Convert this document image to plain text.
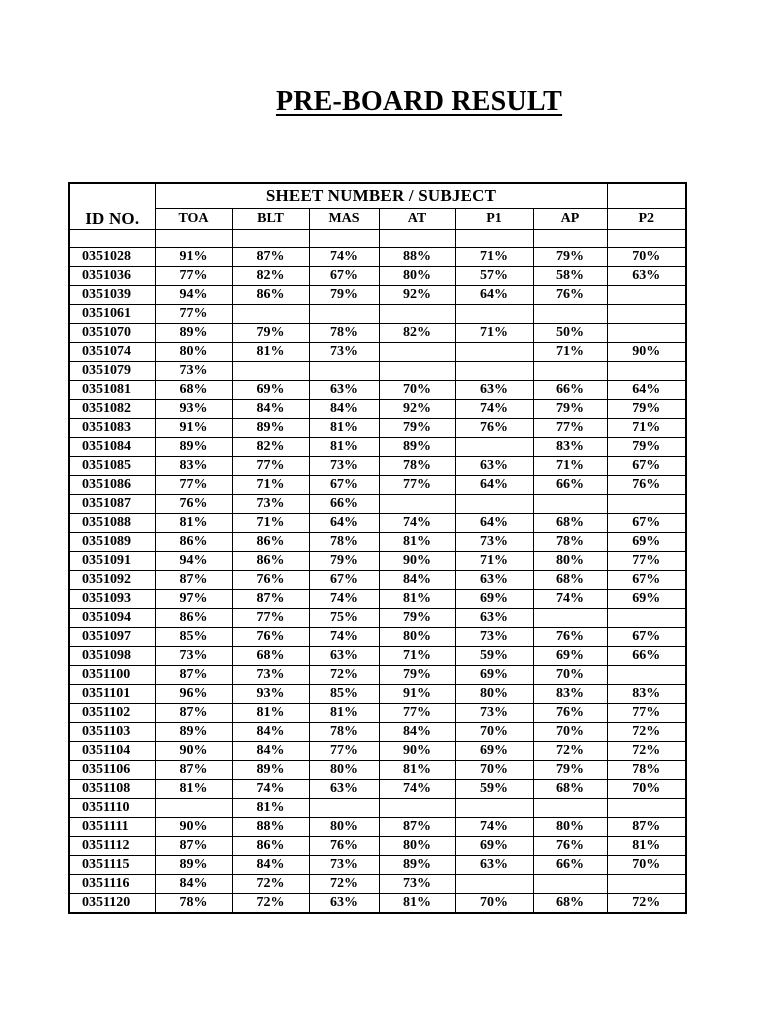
PRE-BOARD RESULT
ID NO.	SHEET NUMBER / SUBJECT						
	TOA	BLT	MAS	AT	P1	AP	P2

0351028	91%	87%	74%	88%	71%	79%	70%
0351036	77%	82%	67%	80%	57%	58%	63%
0351039	94%	86%	79%	92%	64%	76%	
0351061	77%						
0351070	89%	79%	78%	82%	71%	50%	
0351074	80%	81%	73%			71%	90%
0351079	73%						
0351081	68%	69%	63%	70%	63%	66%	64%
0351082	93%	84%	84%	92%	74%	79%	79%
0351083	91%	89%	81%	79%	76%	77%	71%
0351084	89%	82%	81%	89%		83%	79%
0351085	83%	77%	73%	78%	63%	71%	67%
0351086	77%	71%	67%	77%	64%	66%	76%
0351087	76%	73%	66%				
0351088	81%	71%	64%	74%	64%	68%	67%
0351089	86%	86%	78%	81%	73%	78%	69%
0351091	94%	86%	79%	90%	71%	80%	77%
0351092	87%	76%	67%	84%	63%	68%	67%
0351093	97%	87%	74%	81%	69%	74%	69%
0351094	86%	77%	75%	79%	63%		
0351097	85%	76%	74%	80%	73%	76%	67%
0351098	73%	68%	63%	71%	59%	69%	66%
0351100	87%	73%	72%	79%	69%	70%	
0351101	96%	93%	85%	91%	80%	83%	83%
0351102	87%	81%	81%	77%	73%	76%	77%
0351103	89%	84%	78%	84%	70%	70%	72%
0351104	90%	84%	77%	90%	69%	72%	72%
0351106	87%	89%	80%	81%	70%	79%	78%
0351108	81%	74%	63%	74%	59%	68%	70%
0351110		81%					
0351111	90%	88%	80%	87%	74%	80%	87%
0351112	87%	86%	76%	80%	69%	76%	81%
0351115	89%	84%	73%	89%	63%	66%	70%
0351116	84%	72%	72%	73%			
0351120	78%	72%	63%	81%	70%	68%	72%
